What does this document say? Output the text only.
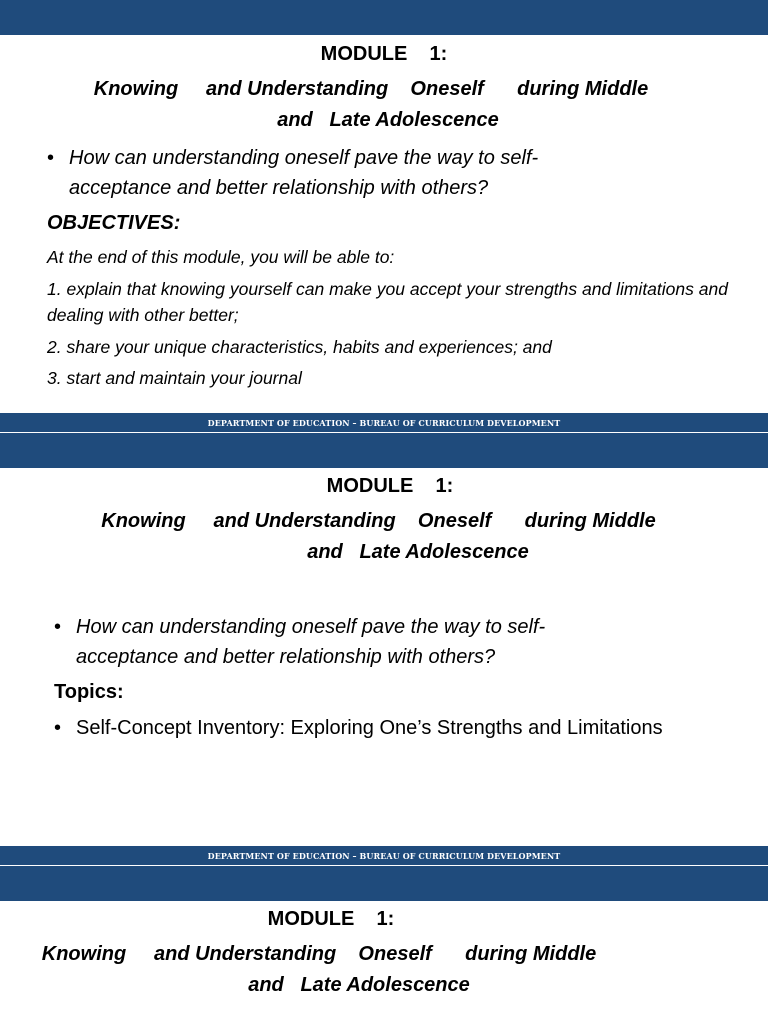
MODULE    1:
Knowing     and Understanding    Oneself      during Middle
and   Late Adolescence
• How can understanding oneself pave the way to self-acceptance and better relationship with others?
OBJECTIVES:
At the end of this module, you will be able to:
1. explain that knowing yourself can make you accept your strengths and limitations and dealing with other better;
2. share your unique characteristics, habits and experiences; and
3. start and maintain your journal
DEPARTMENT OF EDUCATION – BUREAU OF CURRICULUM DEVELOPMENT
MODULE    1:
Knowing     and Understanding    Oneself      during Middle
and   Late Adolescence
• How can understanding oneself pave the way to self-acceptance and better relationship with others?
Topics:
• Self-Concept Inventory: Exploring One’s Strengths and Limitations
DEPARTMENT OF EDUCATION – BUREAU OF CURRICULUM DEVELOPMENT
MODULE    1:
Knowing     and Understanding    Oneself      during Middle
and   Late Adolescence
